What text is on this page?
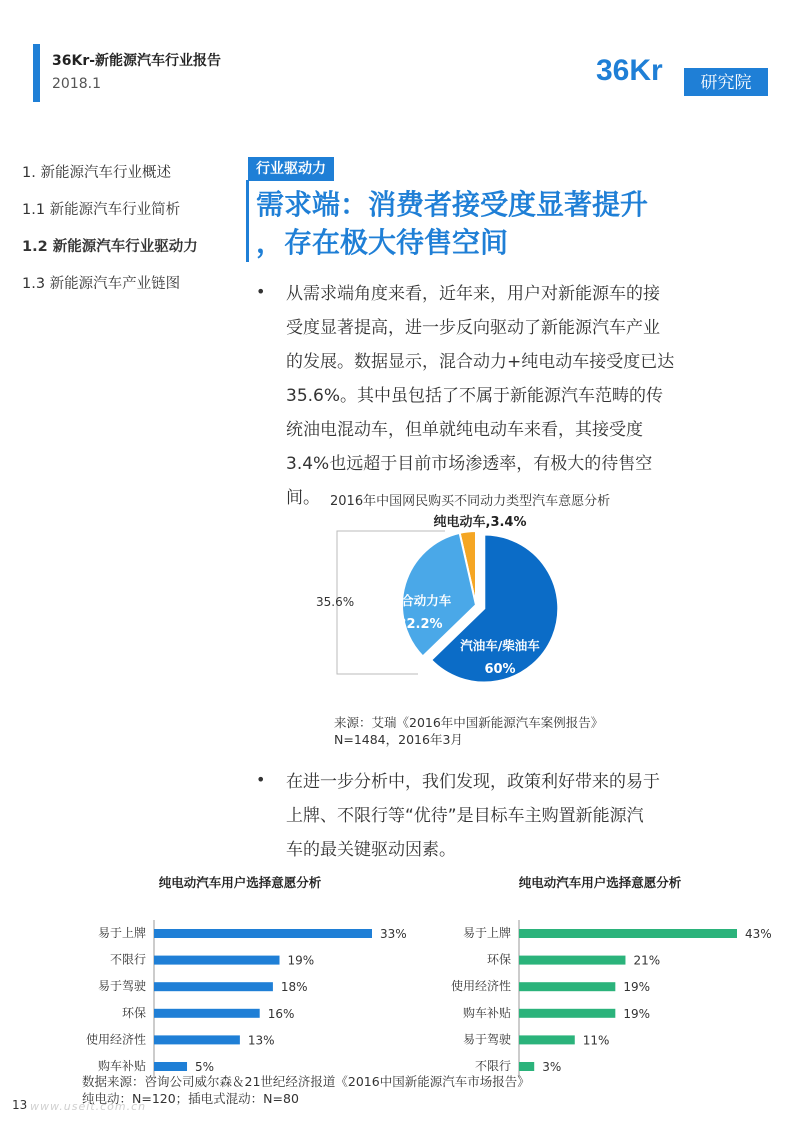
36Kr-新能源汽车行业报告
2018.1	36Kr 研究院
1. 新能源汽车行业概述
1.1 新能源汽车行业简析
1.2 新能源汽车行业驱动力
1.3 新能源汽车产业链图
行业驱动力
需求端：消费者接受度显著提升
，存在极大待售空间
• 从需求端角度来看，近年来，用户对新能源车的接
受度显著提高，进一步反向驱动了新能源汽车产业
的发展。数据显示，混合动力+纯电动车接受度已达
35.6%。其中虽包括了不属于新能源汽车范畴的传
统油电混动车，但单就纯电动车来看，其接受度
3.4%也远超于目前市场渗透率，有极大的待售空
间。 2016年中国网民购买不同动力类型汽车意愿分析
纯电动车,3.4%
35.6%	混合动力车
32.2%
汽油车/柴油车
60%
来源：艾瑞《2016年中国新能源汽车案例报告》
N=1484，2016年3月
• 在进一步分析中，我们发现，政策利好带来的易于
上牌、不限行等“优待”是目标车主购置新能源汽
车的最关键驱动因素。
纯电动汽车用户选择意愿分析
易于上牌	33%
不限行	19%
易于驾驶	18%
环保	16%
使用经济性	13%
购车补贴	5%
纯电动汽车用户选择意愿分析
易于上牌	43%
环保	21%
使用经济性	19%
购车补贴	19%
易于驾驶	11%
不限行	3%
数据来源：咨询公司威尔森＆21世纪经济报道《2016中国新能源汽车市场报告》
纯电动：N=120；插电式混动：N=80
www.useit.com.cn
13
